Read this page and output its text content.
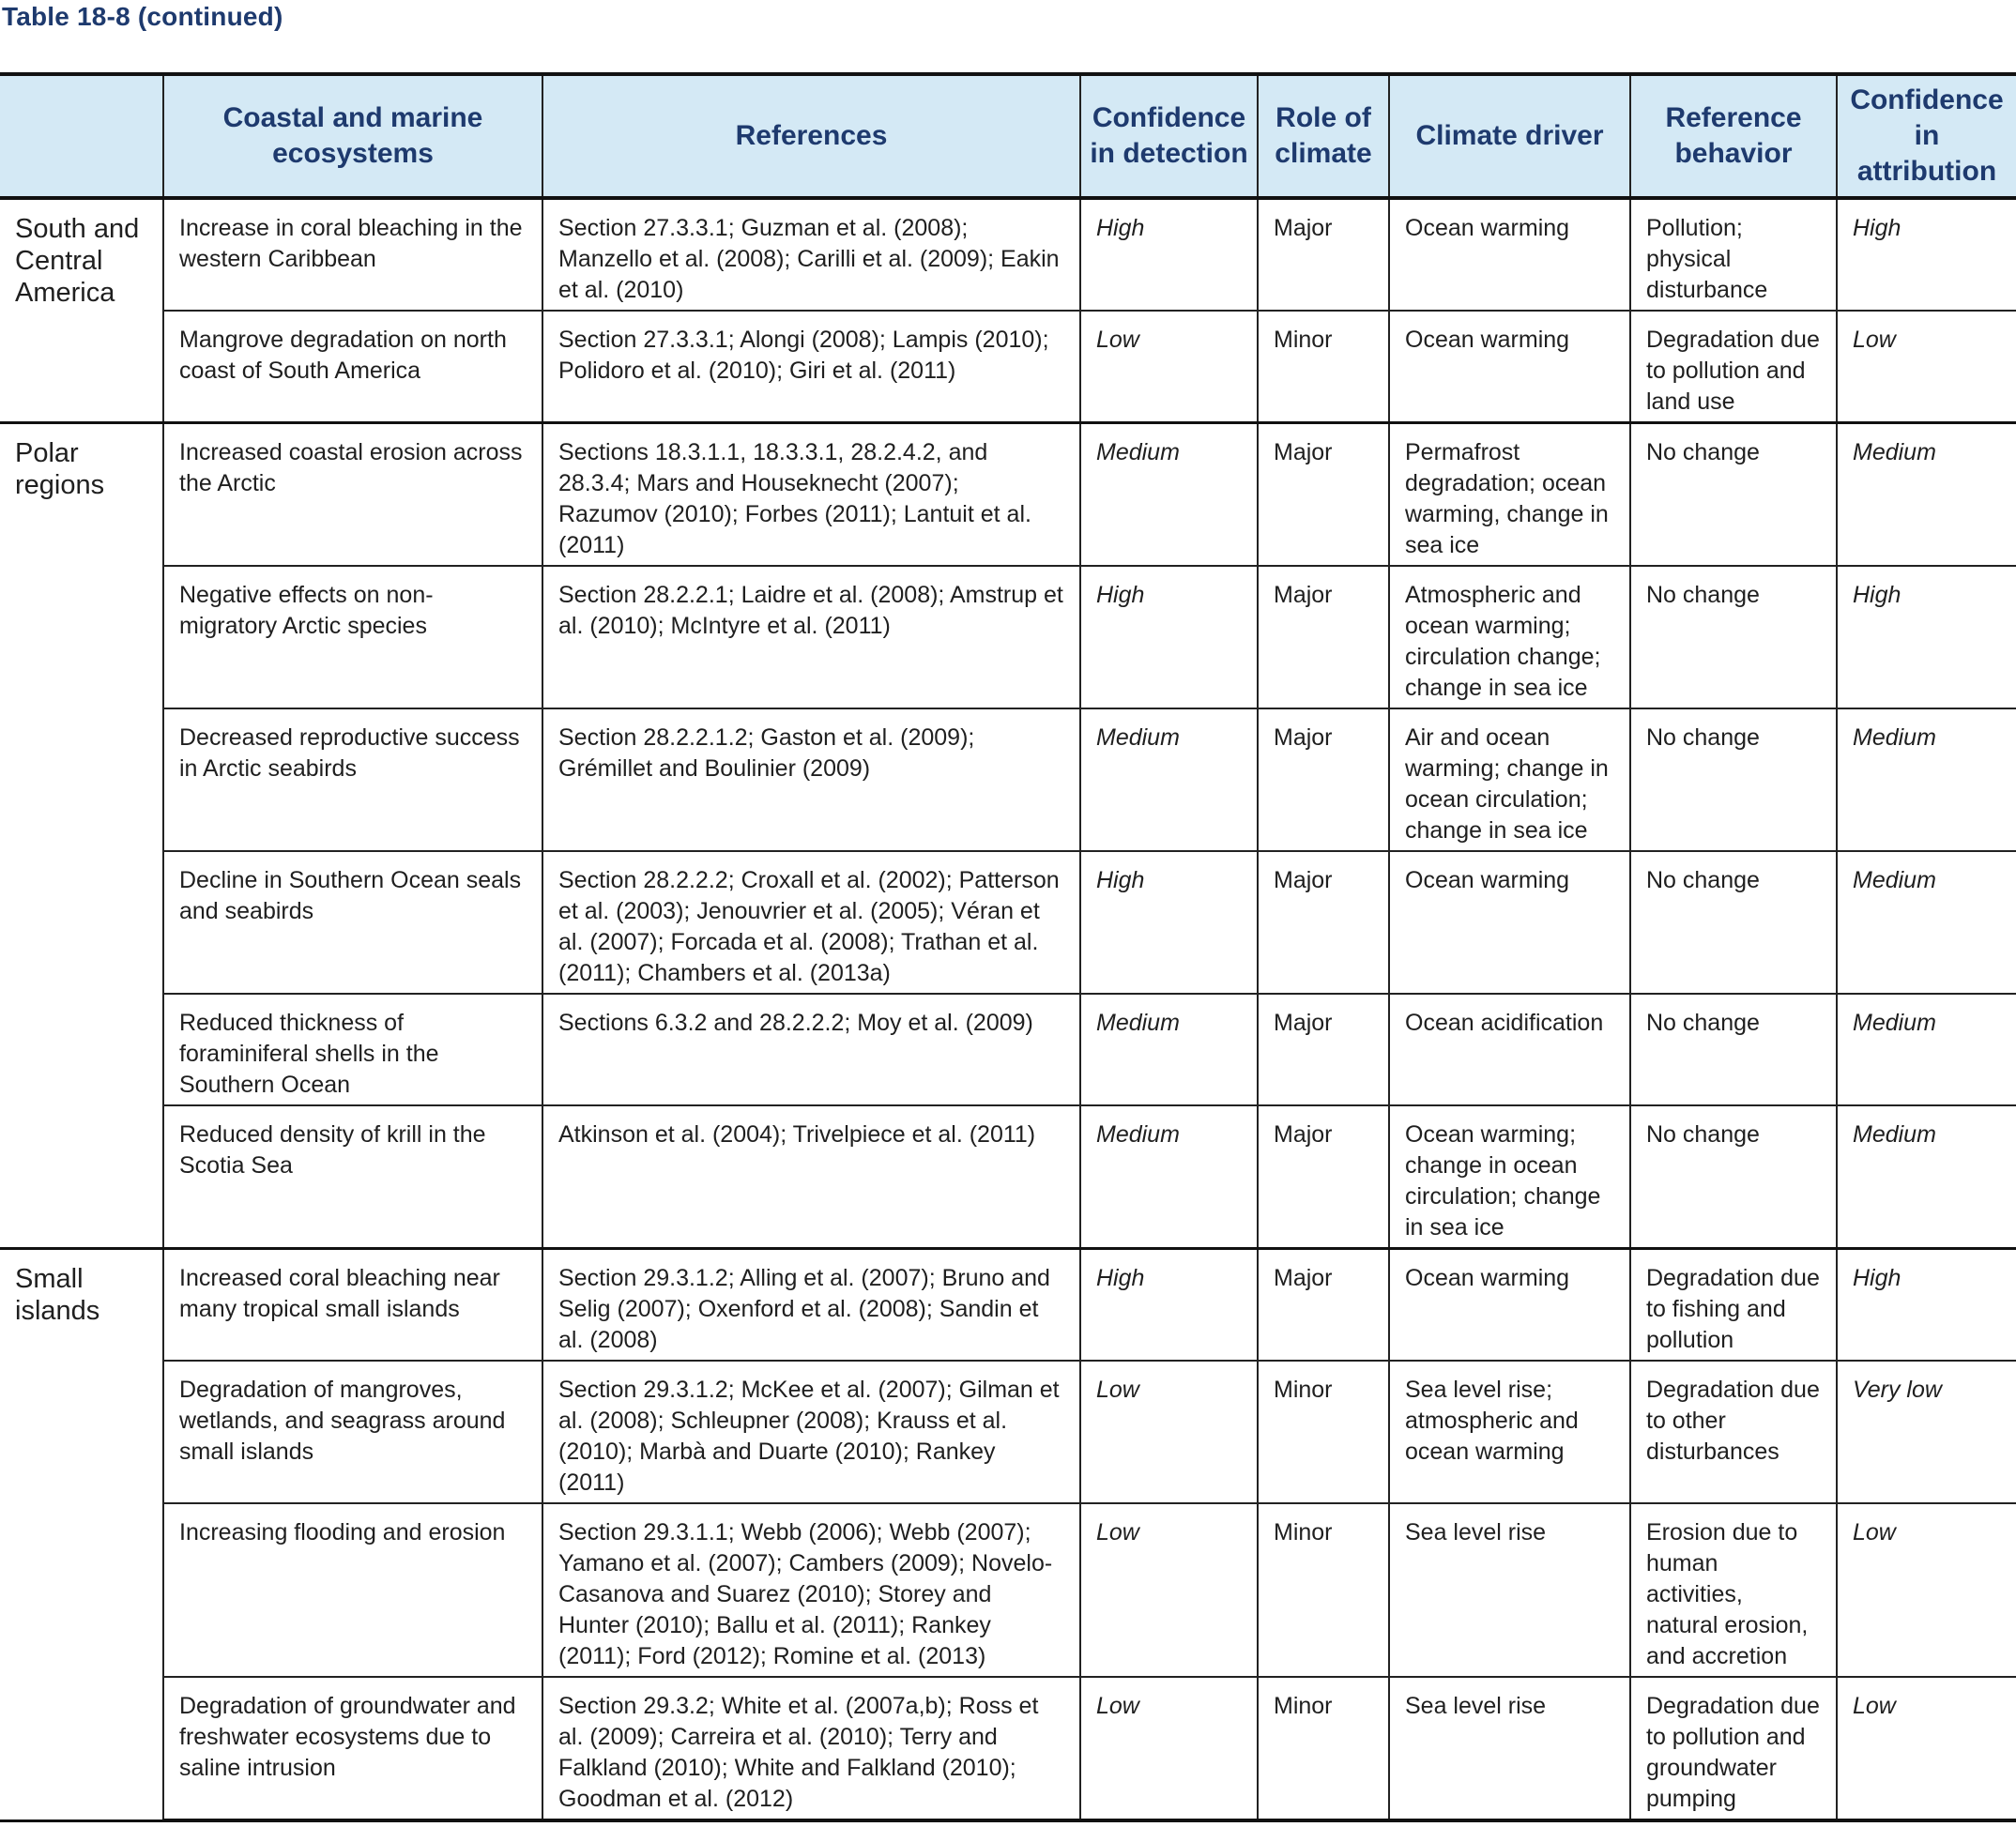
Table 18-8 (continued)
	Coastal and marine ecosystems	References	Confidence in detection	Role of climate	Climate driver	Reference behavior	Confidence in attribution
South and Central America	Increase in coral bleaching in the western Caribbean	Section 27.3.3.1; Guzman et al. (2008); Manzello et al. (2008); Carilli et al. (2009); Eakin et al. (2010)	High	Major	Ocean warming	Pollution; physical disturbance	High
	Mangrove degradation on north coast of South America	Section 27.3.3.1; Alongi (2008); Lampis (2010); Polidoro et al. (2010); Giri et al. (2011)	Low	Minor	Ocean warming	Degradation due to pollution and land use	Low
Polar regions	Increased coastal erosion across the Arctic	Sections 18.3.1.1, 18.3.3.1, 28.2.4.2, and 28.3.4; Mars and Houseknecht (2007); Razumov (2010); Forbes (2011); Lantuit et al. (2011)	Medium	Major	Permafrost degradation; ocean warming, change in sea ice	No change	Medium
	Negative effects on non-migratory Arctic species	Section 28.2.2.1; Laidre et al. (2008); Amstrup et al. (2010); McIntyre et al. (2011)	High	Major	Atmospheric and ocean warming; circulation change; change in sea ice	No change	High
	Decreased reproductive success in Arctic seabirds	Section 28.2.2.1.2; Gaston et al. (2009); Grémillet and Boulinier (2009)	Medium	Major	Air and ocean warming; change in ocean circulation; change in sea ice	No change	Medium
	Decline in Southern Ocean seals and seabirds	Section 28.2.2.2; Croxall et al. (2002); Patterson et al. (2003); Jenouvrier et al. (2005); Véran et al. (2007); Forcada et al. (2008); Trathan et al. (2011); Chambers et al. (2013a)	High	Major	Ocean warming	No change	Medium
	Reduced thickness of foraminiferal shells in the Southern Ocean	Sections 6.3.2 and 28.2.2.2; Moy et al. (2009)	Medium	Major	Ocean acidification	No change	Medium
	Reduced density of krill in the Scotia Sea	Atkinson et al. (2004); Trivelpiece et al. (2011)	Medium	Major	Ocean warming; change in ocean circulation; change in sea ice	No change	Medium
Small islands	Increased coral bleaching near many tropical small islands	Section 29.3.1.2; Alling et al. (2007); Bruno and Selig (2007); Oxenford et al. (2008); Sandin et al. (2008)	High	Major	Ocean warming	Degradation due to fishing and pollution	High
	Degradation of mangroves, wetlands, and seagrass around small islands	Section 29.3.1.2; McKee et al. (2007); Gilman et al. (2008); Schleupner (2008); Krauss et al. (2010); Marbà and Duarte (2010); Rankey (2011)	Low	Minor	Sea level rise; atmospheric and ocean warming	Degradation due to other disturbances	Very low
	Increasing flooding and erosion	Section 29.3.1.1; Webb (2006); Webb (2007); Yamano et al. (2007); Cambers (2009); Novelo-Casanova and Suarez (2010); Storey and Hunter (2010); Ballu et al. (2011); Rankey (2011); Ford (2012); Romine et al. (2013)	Low	Minor	Sea level rise	Erosion due to human activities, natural erosion, and accretion	Low
	Degradation of groundwater and freshwater ecosystems due to saline intrusion	Section 29.3.2; White et al. (2007a,b); Ross et al. (2009); Carreira et al. (2010); Terry and Falkland (2010); White and Falkland (2010); Goodman et al. (2012)	Low	Minor	Sea level rise	Degradation due to pollution and groundwater pumping	Low
